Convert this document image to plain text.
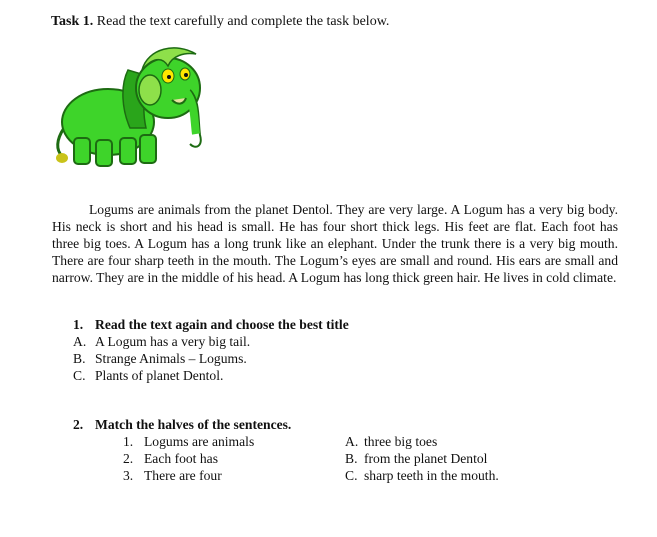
Task 1. Read the text carefully and complete the task below.
Logums are animals from the planet Dentol. They are very large. A Logum has a very big body. His neck is short and his head is small. He has four short thick legs. His feet are flat. Each foot has three big toes. A Logum has a long trunk like an elephant. Under the trunk there is a very big mouth. There are four sharp teeth in the mouth. The Logum’s eyes are small and round. His ears are small and narrow. They are in the middle of his head. A Logum has long thick green hair. He lives in cold climate.
1. Read the text again and choose the best title
A. A Logum has a very big tail.
B. Strange Animals – Logums.
C. Plants of planet Dentol.
2. Match the halves of the sentences.
1. Logums are animals	A. three big toes
2. Each foot has	B. from the planet Dentol
3. There are four	C. sharp teeth in the mouth.
